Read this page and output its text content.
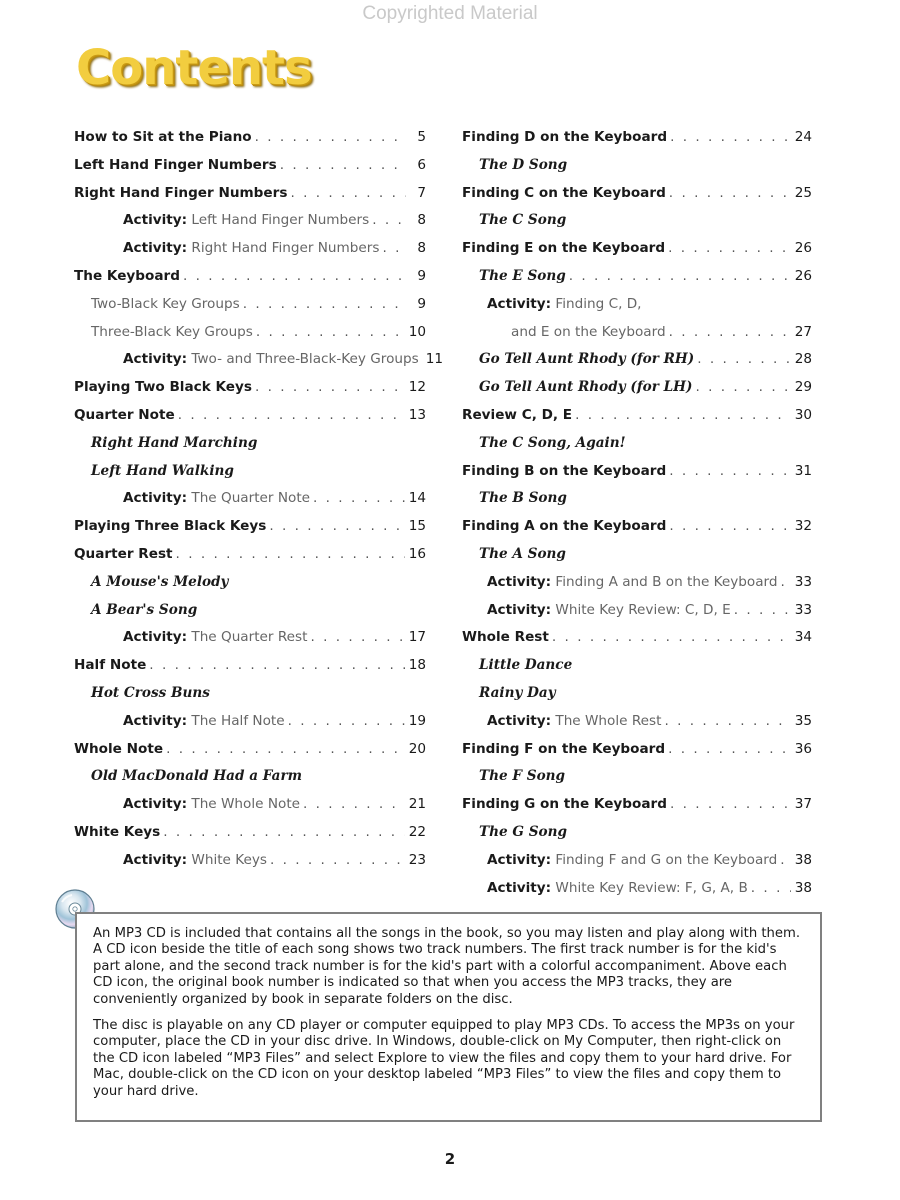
Copyrighted Material
Contents
How to Sit at the Piano . . .	5
Left Hand Finger Numbers . . .	6
Right Hand Finger Numbers . . .	7
Activity: Left Hand Finger Numbers . . .	8
Activity: Right Hand Finger Numbers . . .	8
The Keyboard . . .	9
Two-Black Key Groups . . .	9
Three-Black Key Groups . . .	10
Activity: Two- and Three-Black-Key Groups 11
Playing Two Black Keys . . .	12
Quarter Note . . .	13
Right Hand Marching
Left Hand Walking
Activity: The Quarter Note . . .	14
Playing Three Black Keys . . .	15
Quarter Rest . . .	16
A Mouse's Melody
A Bear's Song
Activity: The Quarter Rest . . .	17
Half Note . . .	18
Hot Cross Buns
Activity: The Half Note . . .	19
Whole Note . . .	20
Old MacDonald Had a Farm
Activity: The Whole Note . . .	21
White Keys . . .	22
Activity: White Keys . . .	23
Finding D on the Keyboard . . .	24
The D Song
Finding C on the Keyboard . . .	25
The C Song
Finding E on the Keyboard . . .	26
The E Song . . .	26
Activity: Finding C, D,
and E on the Keyboard . . .	27
Go Tell Aunt Rhody (for RH) . . .	28
Go Tell Aunt Rhody (for LH) . . .	29
Review C, D, E . . .	30
The C Song, Again!
Finding B on the Keyboard . . .	31
The B Song
Finding A on the Keyboard . . .	32
The A Song
Activity: Finding A and B on the Keyboard . . . 33
Activity: White Key Review: C, D, E . . .	33
Whole Rest . . .	34
Little Dance
Rainy Day
Activity: The Whole Rest . . .	35
Finding F on the Keyboard . . .	36
The F Song
Finding G on the Keyboard . . .	37
The G Song
Activity: Finding F and G on the Keyboard . . . 38
Activity: White Key Review: F, G, A, B . . .	38

An MP3 CD is included that contains all the songs in the book, so you may listen and play along with them. A CD icon beside the title of each song shows two track numbers. The first track number is for the kid's part alone, and the second track number is for the kid's part with a colorful accompaniment. Above each CD icon, the original book number is indicated so that when you access the MP3 tracks, they are conveniently organized by book in separate folders on the disc.

The disc is playable on any CD player or computer equipped to play MP3 CDs. To access the MP3s on your computer, place the CD in your disc drive. In Windows, double-click on My Computer, then right-click on the CD icon labeled “MP3 Files” and select Explore to view the files and copy them to your hard drive. For Mac, double-click on the CD icon on your desktop labeled “MP3 Files” to view the files and copy them to your hard drive.

2
